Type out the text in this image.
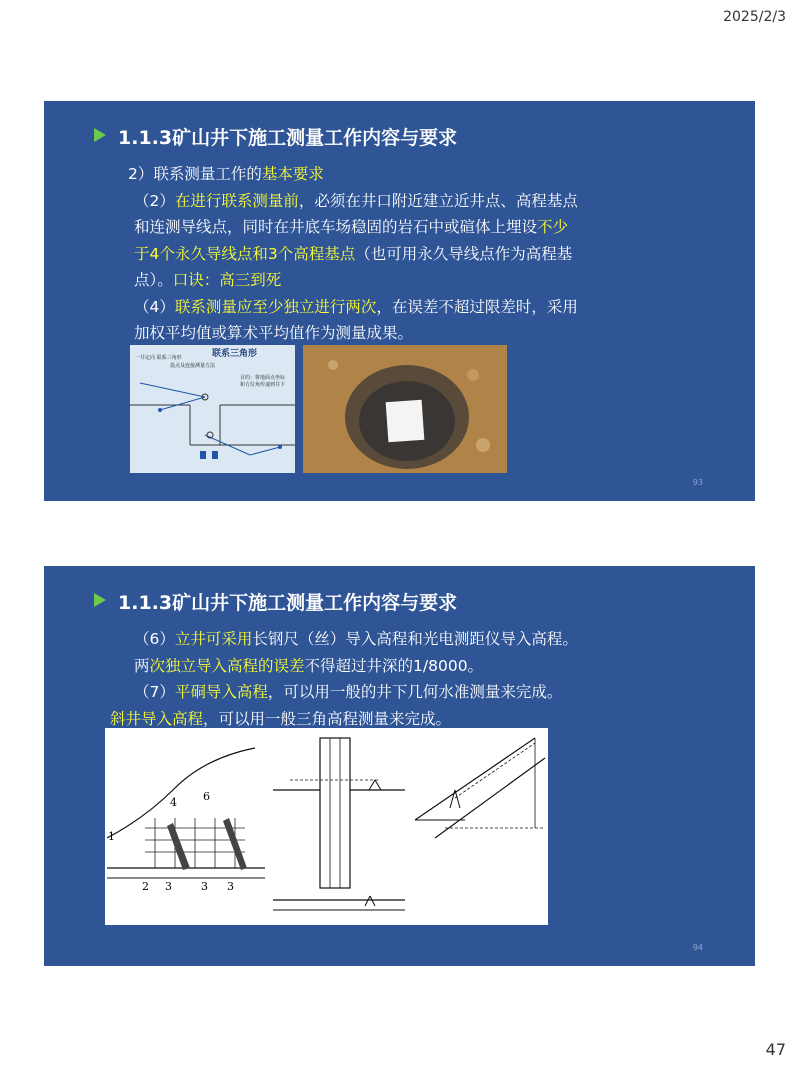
2025/2/3
1.1.3矿山井下施工测量工作内容与要求

2）联系测量工作的基本要求

（2）在进行联系测量前，必须在井口附近建立近井点、高程基点和连测导线点，同时在井底车场稳固的岩石中或碹体上埋设不少于4个永久导线点和3个高程基点（也可用永久导线点作为高程基点）。口诀：高三到死

（4）联系测量应至少独立进行两次，在误差不超过限差时，采用加权平均值或算术平均值作为测量成果。

联系三角形
一井定向 联系三角形
投点及连接测量方法
目的：将地面点坐标
和方位角传递到井下
93
1.1.3矿山井下施工测量工作内容与要求

（6）立井可采用长钢尺（丝）导入高程和光电测距仪导入高程。两次独立导入高程的误差不得超过井深的1/8000。

（7）平硐导入高程，可以用一般的井下几何水准测量来完成。

斜井导入高程，可以用一般三角高程测量来完成。

4 6
2 3	3 3
1
94
47
